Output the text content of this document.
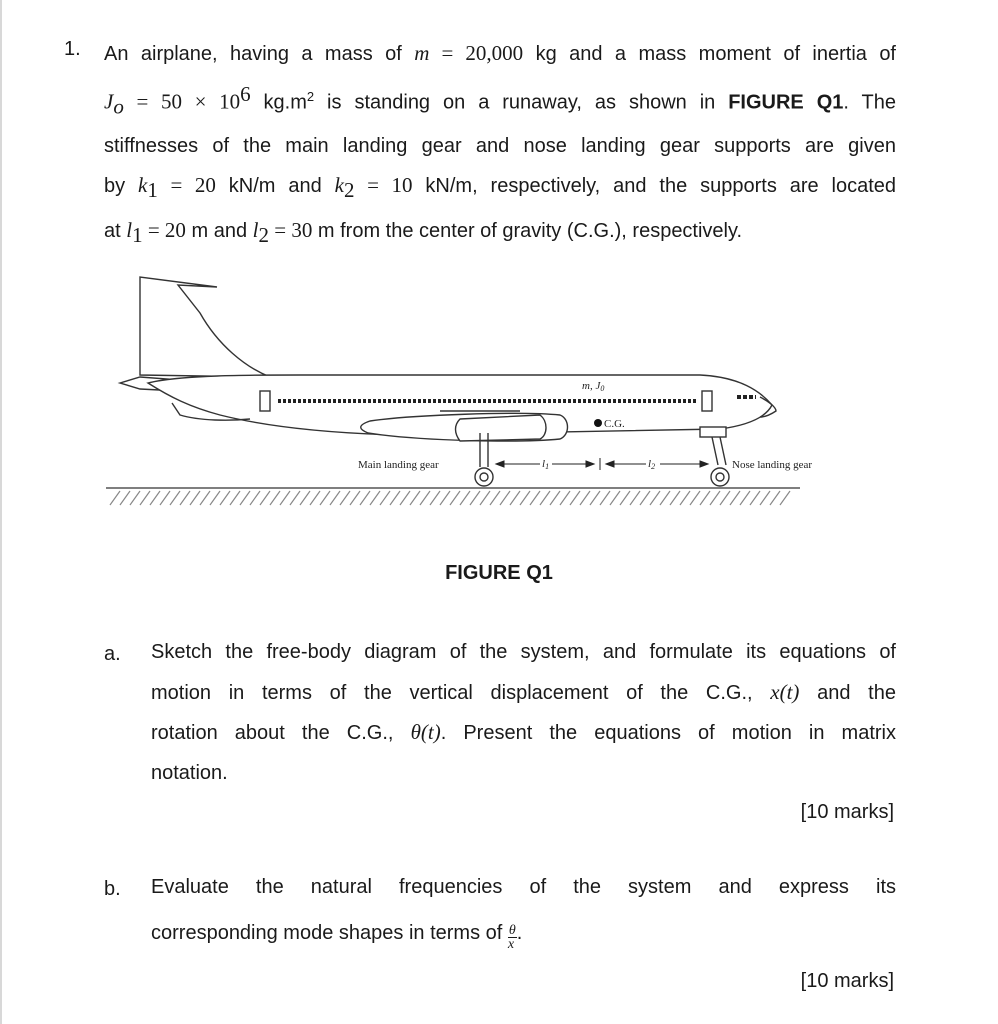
1. An airplane, having a mass of m = 20,000 kg and a mass moment of inertia of
$J_o = 50 \times 10^6$ $kg.m^2$ is standing on a runaway, as shown in FIGURE Q1. The
stiffnesses of the main landing gear and nose landing gear supports are given
by $k_1 = 20$ kN/m and $k_2 = 10$ kN/m, respectively, and the supports are located
at $l_1 = 20$ m and $l_2 = 30$ m from the center of gravity (C.G.), respectively.
m, J0
C.G.
Main landing gear	Nose landing gear
l1	l2
FIGURE Q1
a. Sketch the free-body diagram of the system, and formulate its equations of
motion in terms of the vertical displacement of the C.G., x(t) and the
rotation about the C.G., θ(t). Present the equations of motion in matrix
notation.
[10 marks]
b. Evaluate the natural frequencies of the system and express its
corresponding mode shapes in terms of $\frac{\theta}{x}$ .
[10 marks]
